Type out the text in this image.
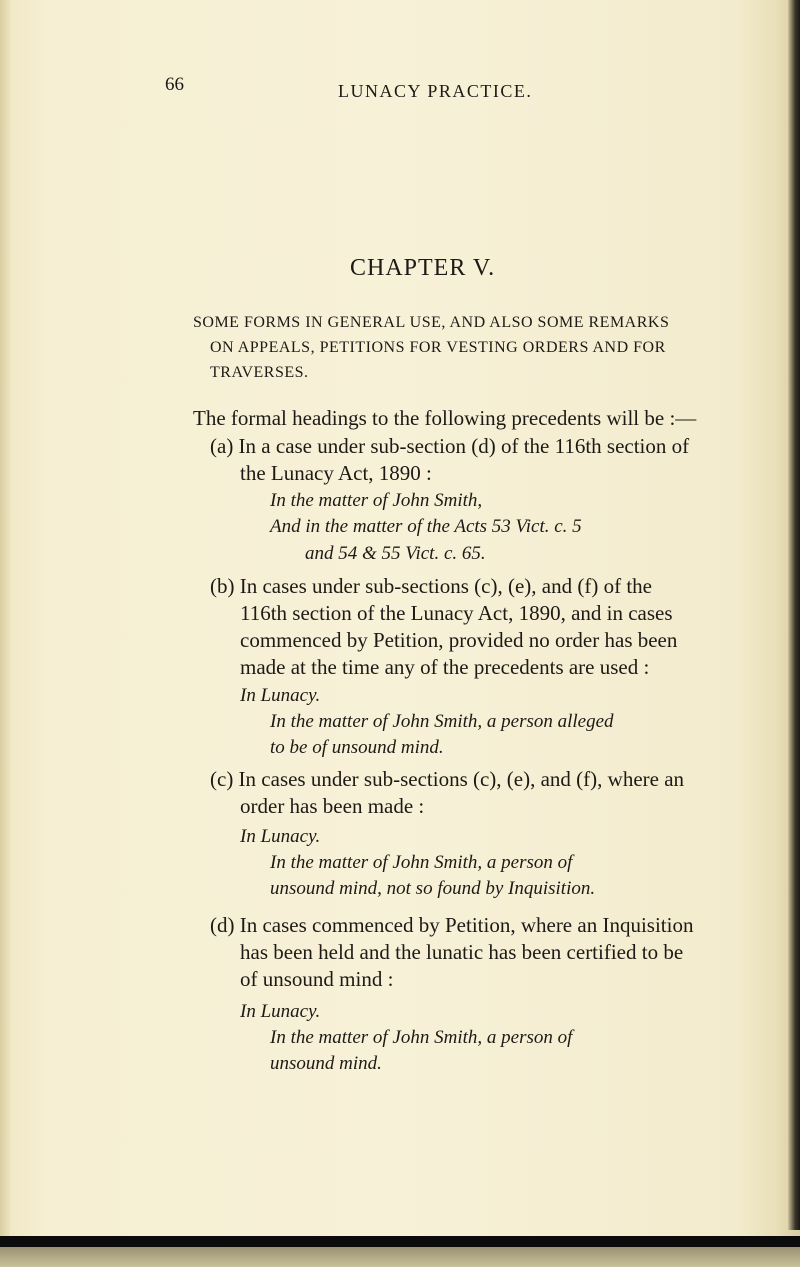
66	LUNACY PRACTICE.
CHAPTER V.
SOME FORMS IN GENERAL USE, AND ALSO SOME REMARKS
ON APPEALS, PETITIONS FOR VESTING ORDERS AND FOR
TRAVERSES.
The formal headings to the following precedents will be :—
(a) In a case under sub-section (d) of the 116th section of
the Lunacy Act, 1890 :
In the matter of John Smith,
And in the matter of the Acts 53 Vict. c. 5
and 54 & 55 Vict. c. 65.
(b) In cases under sub-sections (c), (e), and (f) of the
116th section of the Lunacy Act, 1890, and in cases
commenced by Petition, provided no order has been
made at the time any of the precedents are used :
In Lunacy.
In the matter of John Smith, a person alleged
to be of unsound mind.
(c) In cases under sub-sections (c), (e), and (f), where an
order has been made :
In Lunacy.
In the matter of John Smith, a person of
unsound mind, not so found by Inquisition.
(d) In cases commenced by Petition, where an Inquisition
has been held and the lunatic has been certified to be
of unsound mind :
In Lunacy.
In the matter of John Smith, a person of
unsound mind.
